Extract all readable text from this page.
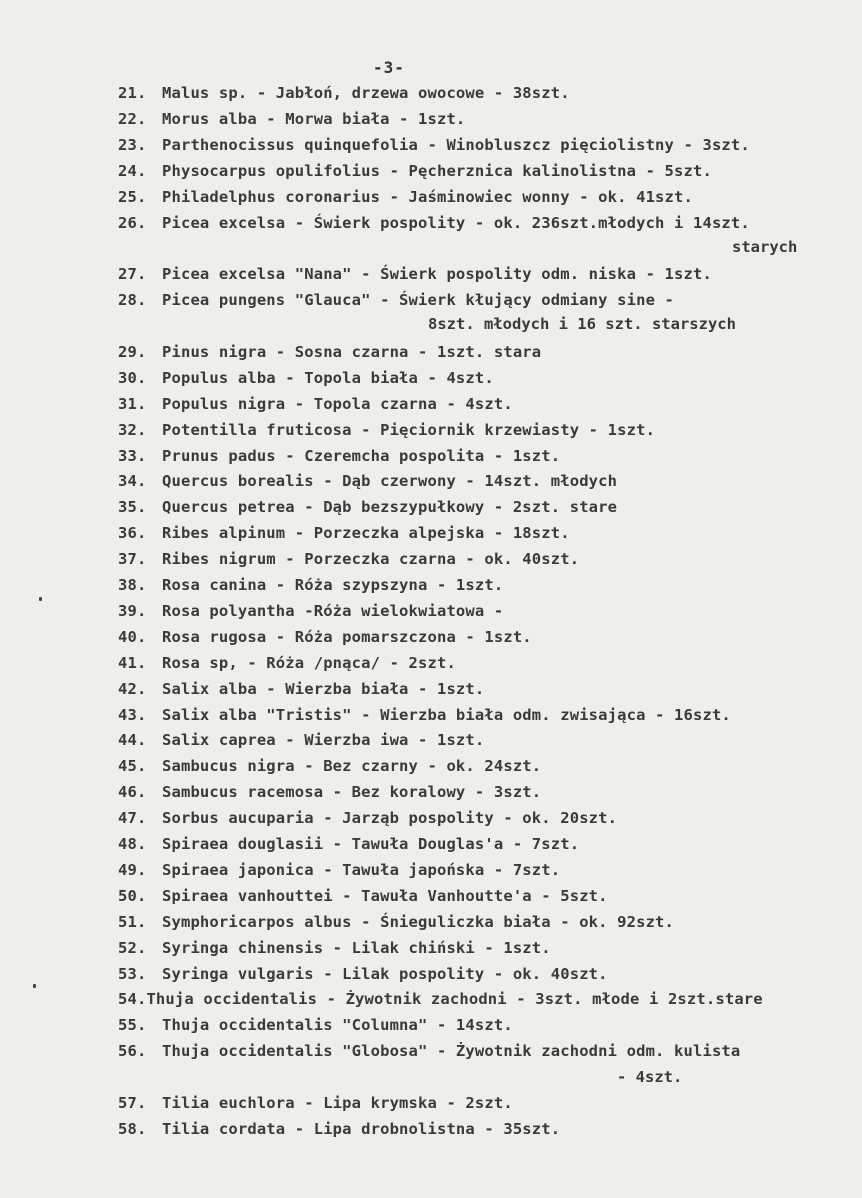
-3-
21. Malus sp. - Jabłoń, drzewa owocowe - 38szt.
22. Morus alba - Morwa biała - 1szt.
23. Parthenocissus quinquefolia - Winobluszcz pięciolistny - 3szt.
24. Physocarpus opulifolius - Pęcherznica kalinolistna - 5szt.
25. Philadelphus coronarius - Jaśminowiec wonny - ok. 41szt.
26. Picea excelsa - Świerk pospolity - ok. 236szt.młodych i 14szt.
starych
27. Picea excelsa "Nana" - Świerk pospolity odm. niska - 1szt.
28. Picea pungens "Glauca" - Świerk kłujący odmiany sine -
8szt. młodych i 16 szt. starszych
29. Pinus nigra - Sosna czarna - 1szt. stara
30. Populus alba - Topola biała - 4szt.
31. Populus nigra - Topola czarna - 4szt.
32. Potentilla fruticosa - Pięciornik krzewiasty - 1szt.
33. Prunus padus - Czeremcha pospolita - 1szt.
34. Quercus borealis - Dąb czerwony - 14szt. młodych
35. Quercus petrea - Dąb bezszypułkowy - 2szt. stare
36. Ribes alpinum - Porzeczka alpejska - 18szt.
37. Ribes nigrum - Porzeczka czarna - ok. 40szt.
38. Rosa canina - Róża szypszyna - 1szt.
39. Rosa polyantha -Róża wielokwiatowa -
40. Rosa rugosa - Róża pomarszczona - 1szt.
41. Rosa sp, - Róża /pnąca/ - 2szt.
42. Salix alba - Wierzba biała - 1szt.
43. Salix alba "Tristis" - Wierzba biała odm. zwisająca - 16szt.
44. Salix caprea - Wierzba iwa - 1szt.
45. Sambucus nigra - Bez czarny - ok. 24szt.
46. Sambucus racemosa - Bez koralowy - 3szt.
47. Sorbus aucuparia - Jarząb pospolity - ok. 20szt.
48. Spiraea douglasii - Tawuła Douglas'a - 7szt.
49. Spiraea japonica - Tawuła japońska - 7szt.
50. Spiraea vanhouttei - Tawuła Vanhoutte'a - 5szt.
51. Symphoricarpos albus - Śnieguliczka biała - ok. 92szt.
52. Syringa chinensis - Lilak chiński - 1szt.
53. Syringa vulgaris - Lilak pospolity - ok. 40szt.
54.Thuja occidentalis - Żywotnik zachodni - 3szt. młode i 2szt.stare
55. Thuja occidentalis "Columna" - 14szt.
56. Thuja occidentalis "Globosa" - Żywotnik zachodni odm. kulista
- 4szt.
57. Tilia euchlora - Lipa krymska - 2szt.
58. Tilia cordata - Lipa drobnolistna - 35szt.
